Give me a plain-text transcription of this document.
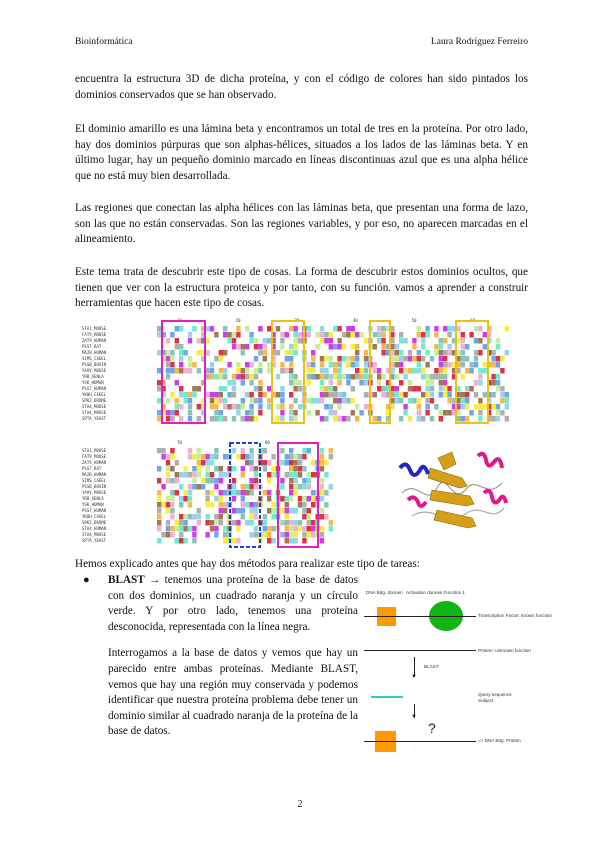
Bioinformática	Laura Rodríguez Ferreiro

encuentra la estructura 3D de dicha proteína, y con el código de colores han sido pintados los dominios conservados que se han observado.

El dominio amarillo es una lámina beta y encontramos un total de tres en la proteína. Por otro lado, hay dos dominios púrpuras que son alphas-hélices, situados a los lados de las láminas beta. Y en último lugar, hay un pequeño dominio marcado en líneas discontinuas azul que es una alpha hélice que no está muy bien desarrollada.

Las regiones que conectan las alpha hélices con las láminas beta, que presentan una forma de lazo, son las que no están conservadas. Son las regiones variables, y por eso, no aparecen marcadas en el alineamiento.

Este tema trata de descubrir este tipo de cosas. La forma de descubrir estos dominios ocultos, que tienen que ver con la estructura proteica y por tanto, con su función. vamos a aprender a construir herramientas que hacen este tipo de cosas.

10	20	30	40	50	60
STA1_MOUSE
FAT9_MOUSE
ZAT9_HUMAN
PSS7_RAT
MA2B_HUMAN
SIMS_CAEEL
PSSB_BOVIN
YAVV_MOUSE
YRB_XENLA
YSK_HUMAN
PSS7_HUMAN
YK8H_CAEEL
SPK2_DROME
STA4_MOUSE
STA4_MOUSE
SPTA_YEAST
70	80
STA1_MOUSE
FAT9_MOUSE
ZAT9_HUMAN
PSS7_RAT
MA2B_HUMAN
SIMS_CAEEL
PSSB_BOVIN
YAVV_MOUSE
YRB_XENLA
YSK_HUMAN
PSS7_HUMAN
YK8H_CAEEL
SPK2_DROME
STA4_HUMAN
STA4_MOUSE
SPTA_YEAST

Hemos explicado antes que hay dos métodos para realizar este tipo de tareas:

● BLAST → tenemos una proteína de la base de datos con dos dominios, un cuadrado naranja y un círculo verde. Y por otro lado, tenemos una proteína desconocida, representada con la línea negra.

Interrogamos a la base de datos y vemos que hay un parecido entre ambas proteínas. Mediante BLAST, vemos que hay una región muy conservada y podemos identificar que nuestra proteína problema debe tener un dominio similar al cuadrado naranja de la proteína de la base de datos.

DNA Bdg. domain Activation domain Function 1
Transcription Factor: known function
Protein: unknown function
▼
BLAST
Query sequence
Subject
▼
?
=> DNA Bdg. Protein
2
